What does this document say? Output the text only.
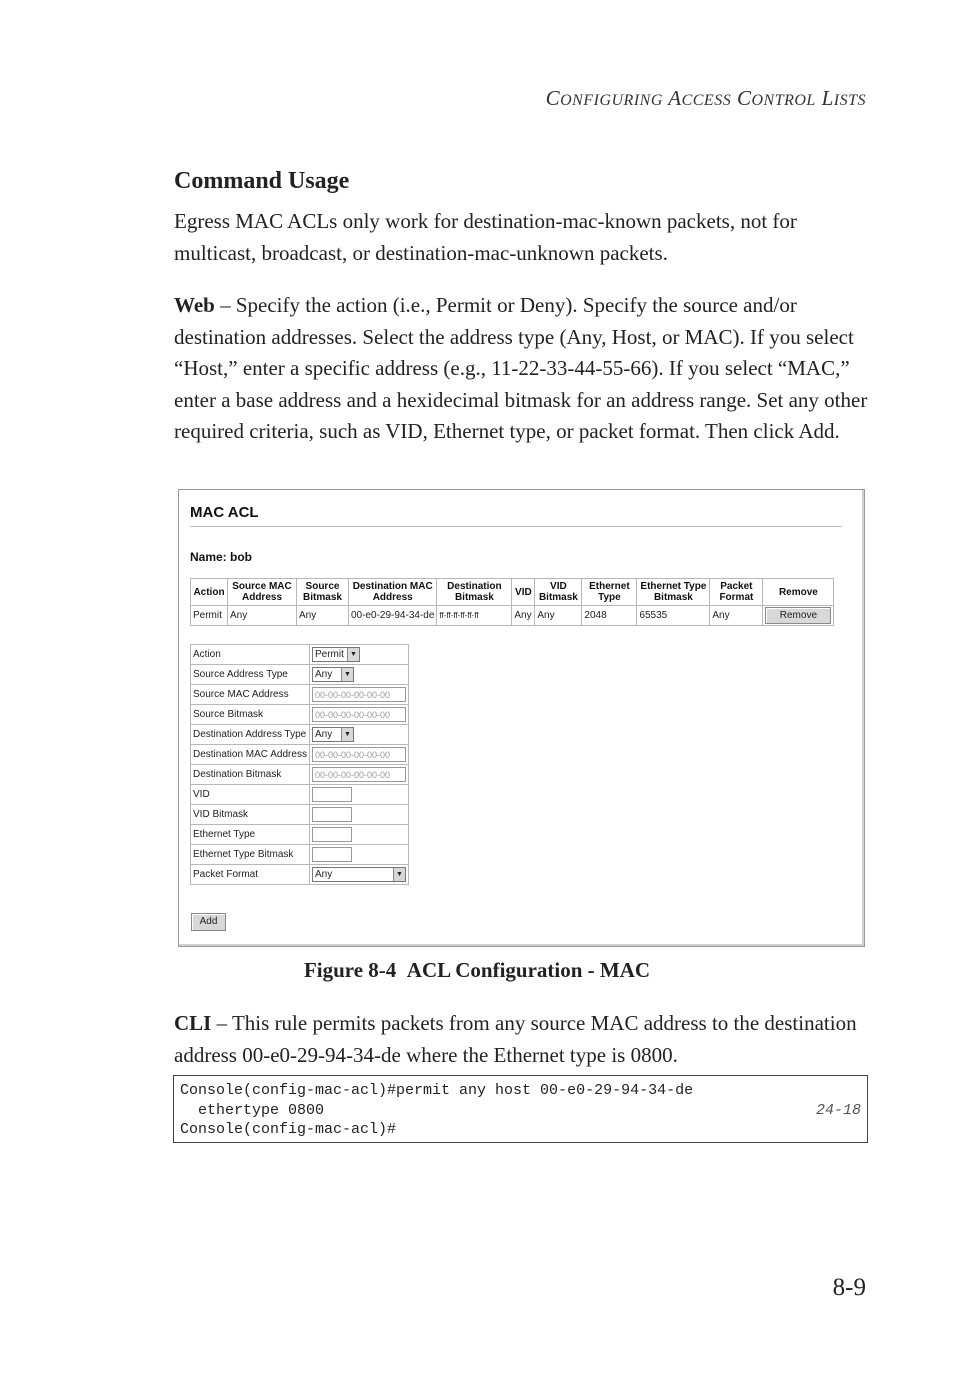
CONFIGURING ACCESS CONTROL LISTS
Command Usage
Egress MAC ACLs only work for destination-mac-known packets, not for multicast, broadcast, or destination-mac-unknown packets.
Web – Specify the action (i.e., Permit or Deny). Specify the source and/or destination addresses. Select the address type (Any, Host, or MAC). If you select “Host,” enter a specific address (e.g., 11-22-33-44-55-66). If you select “MAC,” enter a base address and a hexidecimal bitmask for an address range. Set any other required criteria, such as VID, Ethernet type, or packet format. Then click Add.
MAC ACL
Name: bob
Action	Source MAC Address	Source Bitmask	Destination MAC Address	Destination Bitmask	VID	VID Bitmask	Ethernet Type	Ethernet Type Bitmask	Packet Format	Remove
Permit	Any	Any	00-e0-29-94-34-de	ff-ff-ff-ff-ff-ff	Any	Any	2048	65535	Any	Remove
Action	Permit ▼

Source Address Type	Any ▼

Source MAC Address	00-00-00-00-00-00
Source Bitmask	00-00-00-00-00-00
Destination Address Type	Any ▼

Destination MAC Address	00-00-00-00-00-00
Destination Bitmask	00-00-00-00-00-00
VID	
VID Bitmask	
Ethernet Type	
Ethernet Type Bitmask	
Packet Format	Any ▼
Add
Figure 8-4 ACL Configuration - MAC
CLI – This rule permits packets from any source MAC address to the destination address 00-e0-29-94-34-de where the Ethernet type is 0800.
Console(config-mac-acl)#permit any host 00-e0-29-94-34-de
ethertype 0800	24-18
Console(config-mac-acl)#
8-9
